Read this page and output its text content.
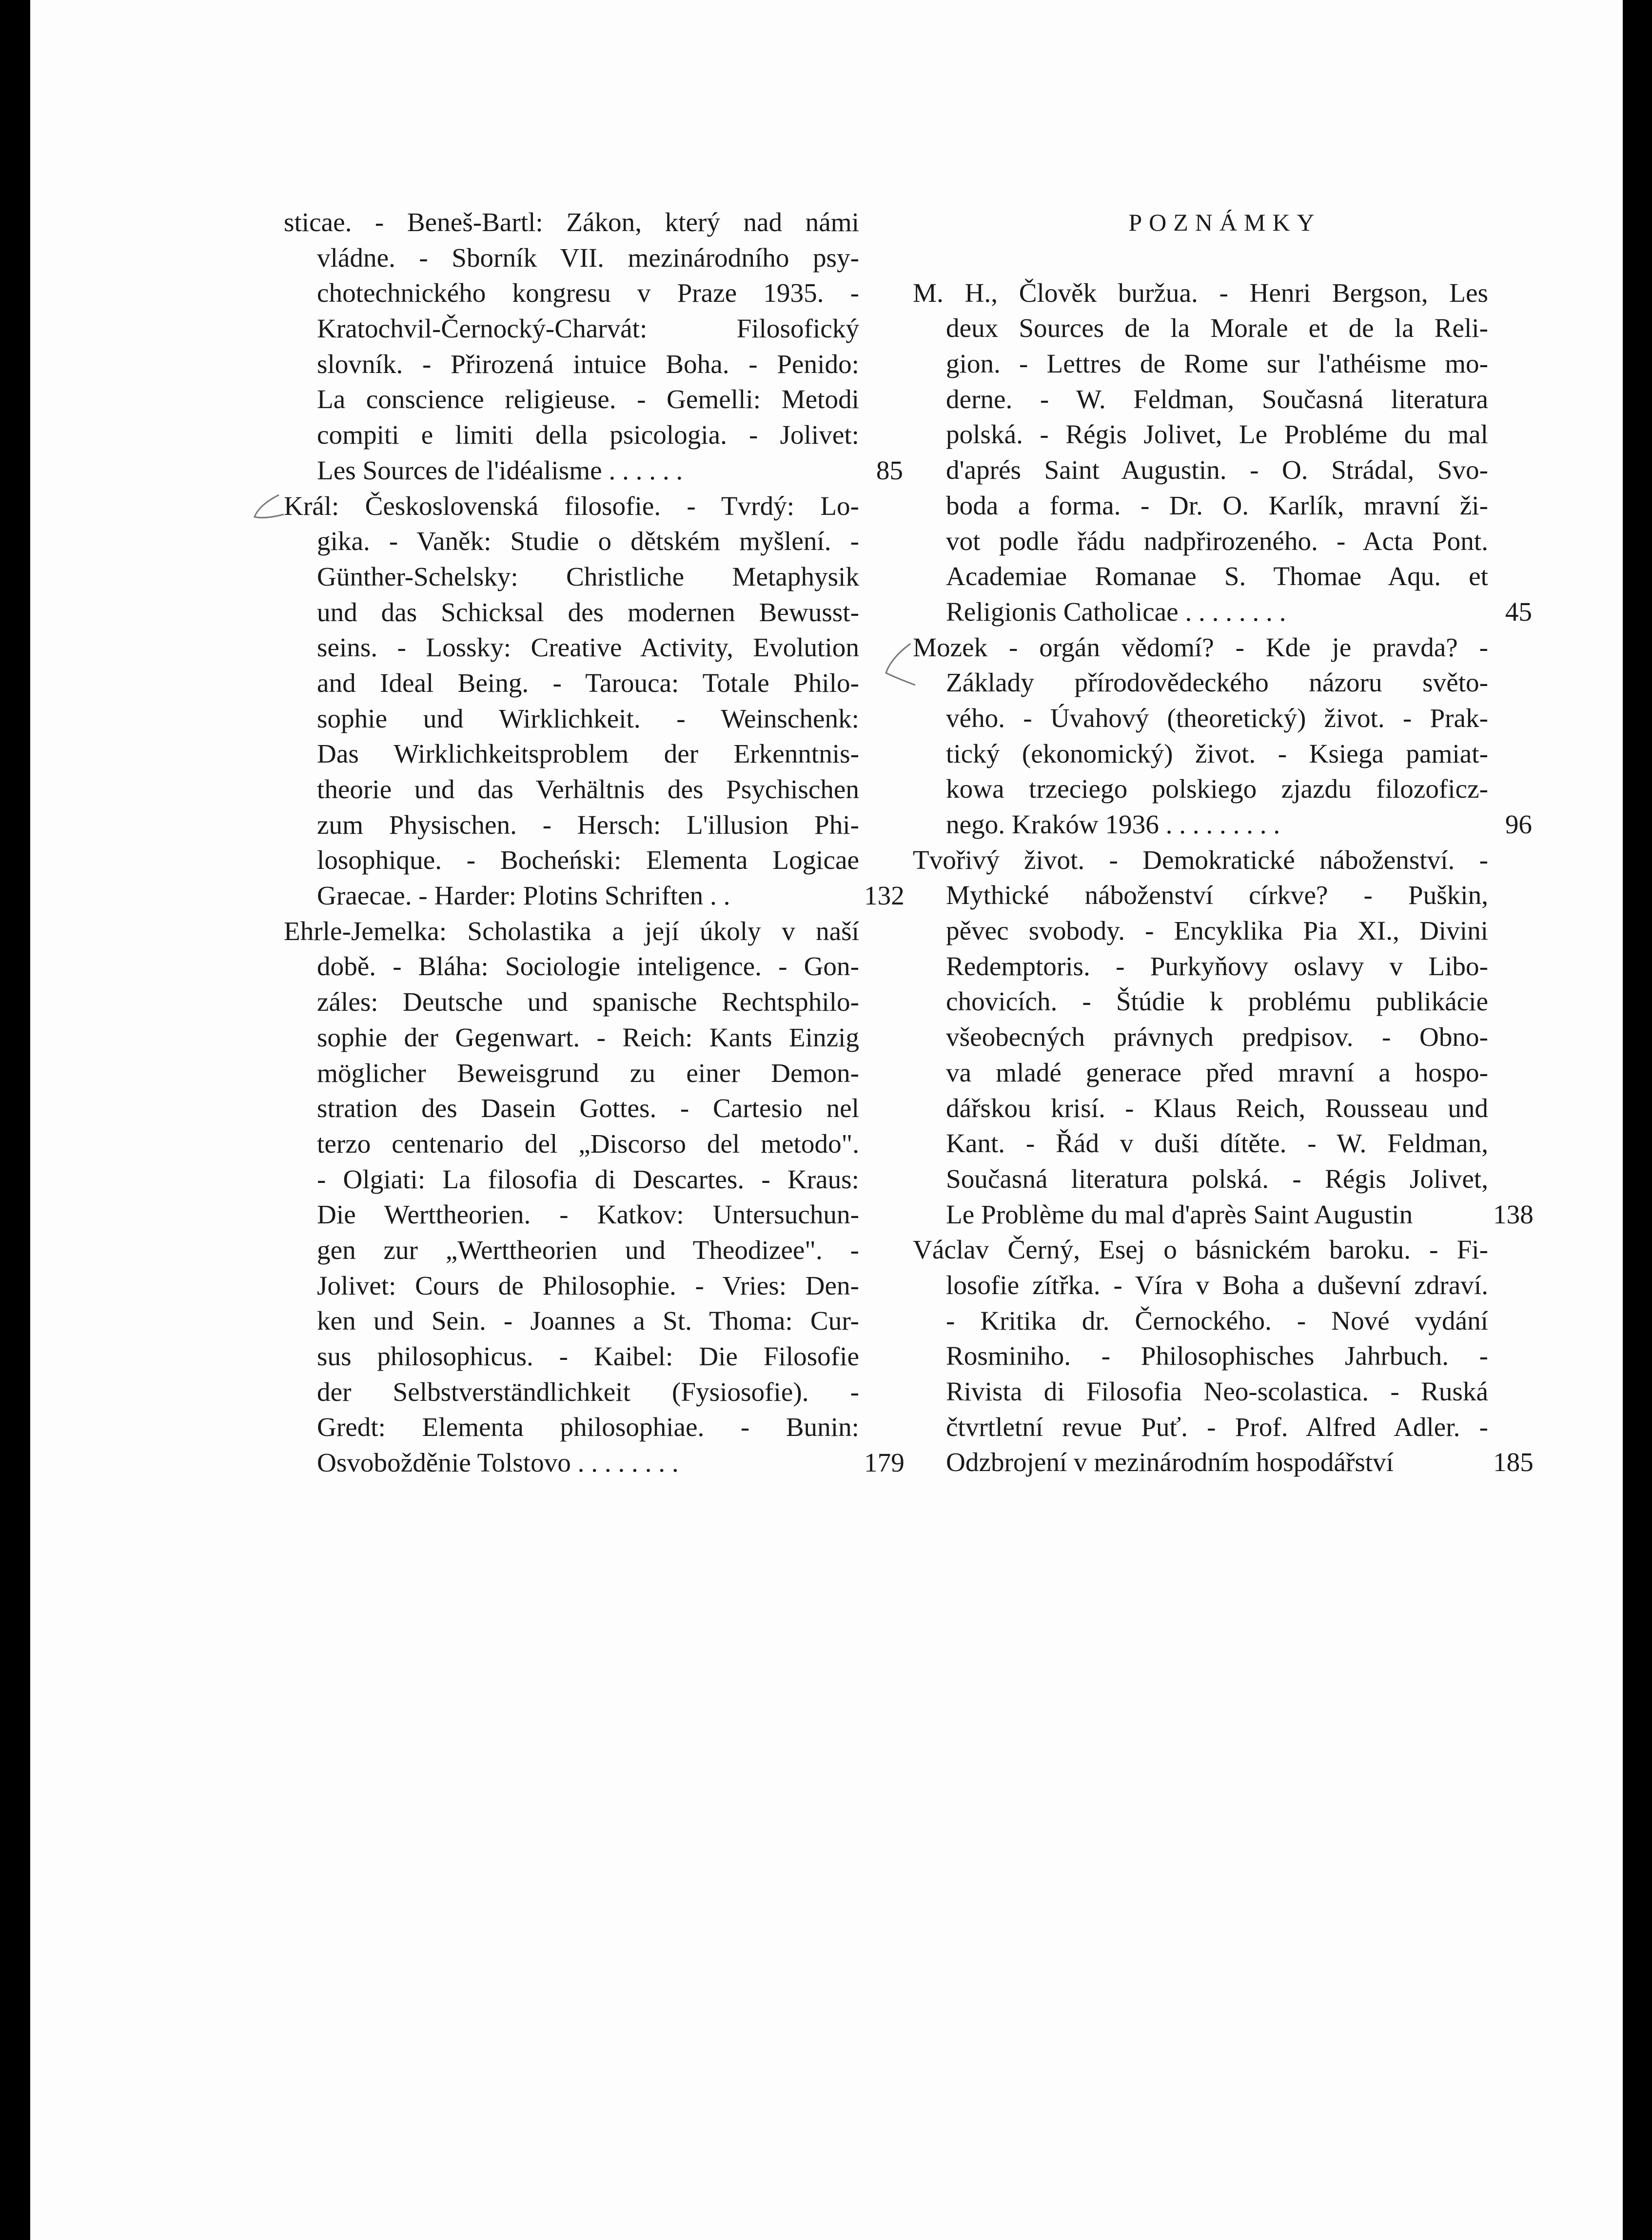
sticae. - Beneš-Bartl: Zákon, který nad námi
vládne. - Sborník VII. mezinárodního psy-
chotechnického kongresu v Praze 1935. -
Kratochvil-Černocký-Charvát: Filosofický
slovník. - Přirozená intuice Boha. - Penido:
La conscience religieuse. - Gemelli: Metodi
compiti e limiti della psicologia. - Jolivet:
Les Sources de l'idéalisme . . . . . .	85
Král: Československá filosofie. - Tvrdý: Lo-
gika. - Vaněk: Studie o dětském myšlení. -
Günther-Schelsky: Christliche Metaphysik
und das Schicksal des modernen Bewusst-
seins. - Lossky: Creative Activity, Evolution
and Ideal Being. - Tarouca: Totale Philo-
sophie und Wirklichkeit. - Weinschenk:
Das Wirklichkeitsproblem der Erkenntnis-
theorie und das Verhältnis des Psychischen
zum Physischen. - Hersch: L'illusion Phi-
losophique. - Bocheński: Elementa Logicae
Graecae. - Harder: Plotins Schriften . .	132
Ehrle-Jemelka: Scholastika a její úkoly v naší
době. - Bláha: Sociologie inteligence. - Gon-
záles: Deutsche und spanische Rechtsphilo-
sophie der Gegenwart. - Reich: Kants Einzig
möglicher Beweisgrund zu einer Demon-
stration des Dasein Gottes. - Cartesio nel
terzo centenario del „Discorso del metodo".
- Olgiati: La filosofia di Descartes. - Kraus:
Die Werttheorien. - Katkov: Untersuchun-
gen zur „Werttheorien und Theodizee". -
Jolivet: Cours de Philosophie. - Vries: Den-
ken und Sein. - Joannes a St. Thoma: Cur-
sus philosophicus. - Kaibel: Die Filosofie
der Selbstverständlichkeit (Fysiosofie). -
Gredt: Elementa philosophiae. - Bunin:
Osvobožděnie Tolstovo . . . . . . . .	179
POZNÁMKY
M. H., Člověk buržua. - Henri Bergson, Les
deux Sources de la Morale et de la Reli-
gion. - Lettres de Rome sur l'athéisme mo-
derne. - W. Feldman, Současná literatura
polská. - Régis Jolivet, Le Probléme du mal
d'aprés Saint Augustin. - O. Strádal, Svo-
boda a forma. - Dr. O. Karlík, mravní ži-
vot podle řádu nadpřirozeného. - Acta Pont.
Academiae Romanae S. Thomae Aqu. et
Religionis Catholicae . . . . . . . .	45
Mozek - orgán vědomí? - Kde je pravda? -
Základy přírodovědeckého názoru světo-
vého. - Úvahový (theoretický) život. - Prak-
tický (ekonomický) život. - Ksiega pamiat-
kowa trzeciego polskiego zjazdu filozoficz-
nego. Kraków 1936 . . . . . . . . .	96
Tvořivý život. - Demokratické náboženství. -
Mythické náboženství církve? - Puškin,
pěvec svobody. - Encyklika Pia XI., Divini
Redemptoris. - Purkyňovy oslavy v Libo-
chovicích. - Štúdie k problému publikácie
všeobecných právnych predpisov. - Obno-
va mladé generace před mravní a hospo-
dářskou krisí. - Klaus Reich, Rousseau und
Kant. - Řád v duši dítěte. - W. Feldman,
Současná literatura polská. - Régis Jolivet,
Le Problème du mal d'après Saint Augustin	138
Václav Černý, Esej o básnickém baroku. - Fi-
losofie zítřka. - Víra v Boha a duševní zdraví.
- Kritika dr. Černockého. - Nové vydání
Rosminiho. - Philosophisches Jahrbuch. -
Rivista di Filosofia Neo-scolastica. - Ruská
čtvrtletní revue Puť. - Prof. Alfred Adler. -
Odzbrojení v mezinárodním hospodářství	185
